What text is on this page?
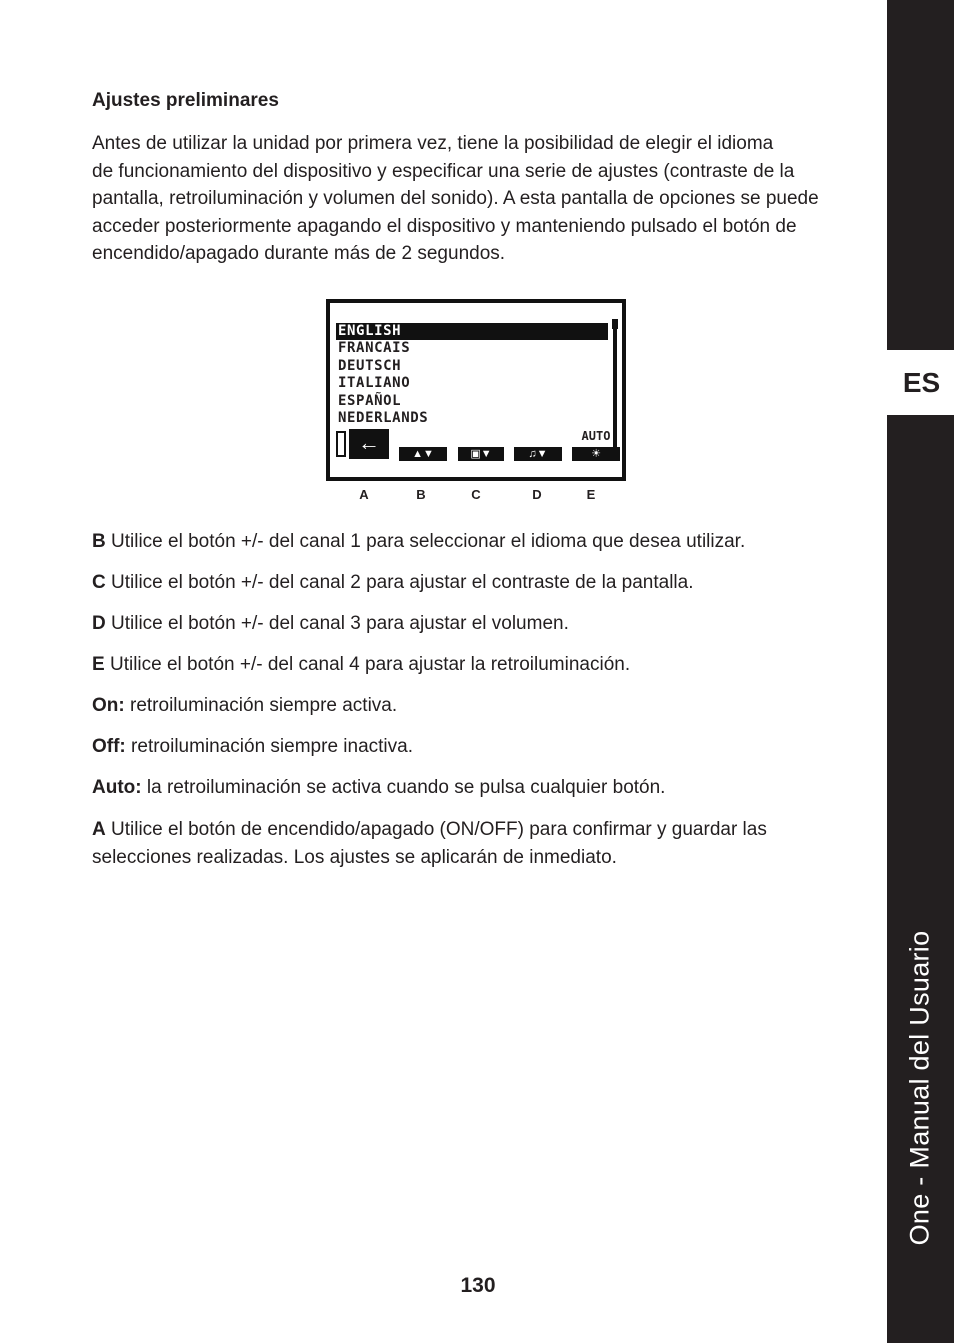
ES
One - Manual del Usuario
Ajustes preliminares

Antes de utilizar la unidad por primera vez, tiene la posibilidad de elegir el idioma
de funcionamiento del dispositivo y especificar una serie de ajustes (contraste de la
pantalla, retroiluminación y volumen del sonido). A esta pantalla de opciones se puede
acceder posteriormente apagando el dispositivo y manteniendo pulsado el botón de
encendido/apagado durante más de 2 segundos.

ENGLISH
FRANCAIS
DEUTSCH
ITALIANO
ESPAÑOL
NEDERLANDS
←	▲▼	▣▼	♫▼
AUTO
☀
A	B	C	D	E

B Utilice el botón +/- del canal 1 para seleccionar el idioma que desea utilizar.

C Utilice el botón +/- del canal 2 para ajustar el contraste de la pantalla.

D Utilice el botón +/- del canal 3 para ajustar el volumen.

E Utilice el botón +/- del canal 4 para ajustar la retroiluminación.

On: retroiluminación siempre activa.

Off: retroiluminación siempre inactiva.

Auto: la retroiluminación se activa cuando se pulsa cualquier botón.

A Utilice el botón de encendido/apagado (ON/OFF) para confirmar y guardar las
selecciones realizadas. Los ajustes se aplicarán de inmediato.

130
